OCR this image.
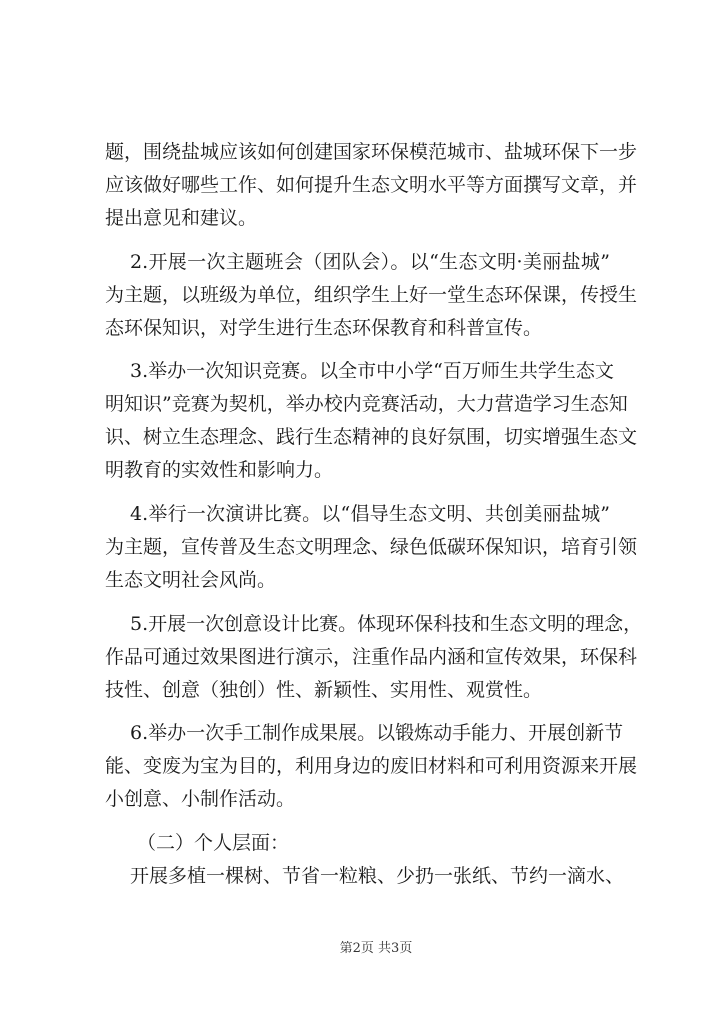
题，围绕盐城应该如何创建国家环保模范城市、盐城环保下一步
应该做好哪些工作、如何提升生态文明水平等方面撰写文章，并
提出意见和建议。
2.开展一次主题班会（团队会）。以“生态文明·美丽盐城”
为主题，以班级为单位，组织学生上好一堂生态环保课，传授生
态环保知识，对学生进行生态环保教育和科普宣传。
3.举办一次知识竞赛。以全市中小学“百万师生共学生态文
明知识”竞赛为契机，举办校内竞赛活动，大力营造学习生态知
识、树立生态理念、践行生态精神的良好氛围，切实增强生态文
明教育的实效性和影响力。
4.举行一次演讲比赛。以“倡导生态文明、共创美丽盐城”
为主题，宣传普及生态文明理念、绿色低碳环保知识，培育引领
生态文明社会风尚。
5.开展一次创意设计比赛。体现环保科技和生态文明的理念，
作品可通过效果图进行演示，注重作品内涵和宣传效果，环保科
技性、创意（独创）性、新颖性、实用性、观赏性。
6.举办一次手工制作成果展。以锻炼动手能力、开展创新节
能、变废为宝为目的，利用身边的废旧材料和可利用资源来开展
小创意、小制作活动。
（二）个人层面：
开展多植一棵树、节省一粒粮、少扔一张纸、节约一滴水、
第2页 共3页
